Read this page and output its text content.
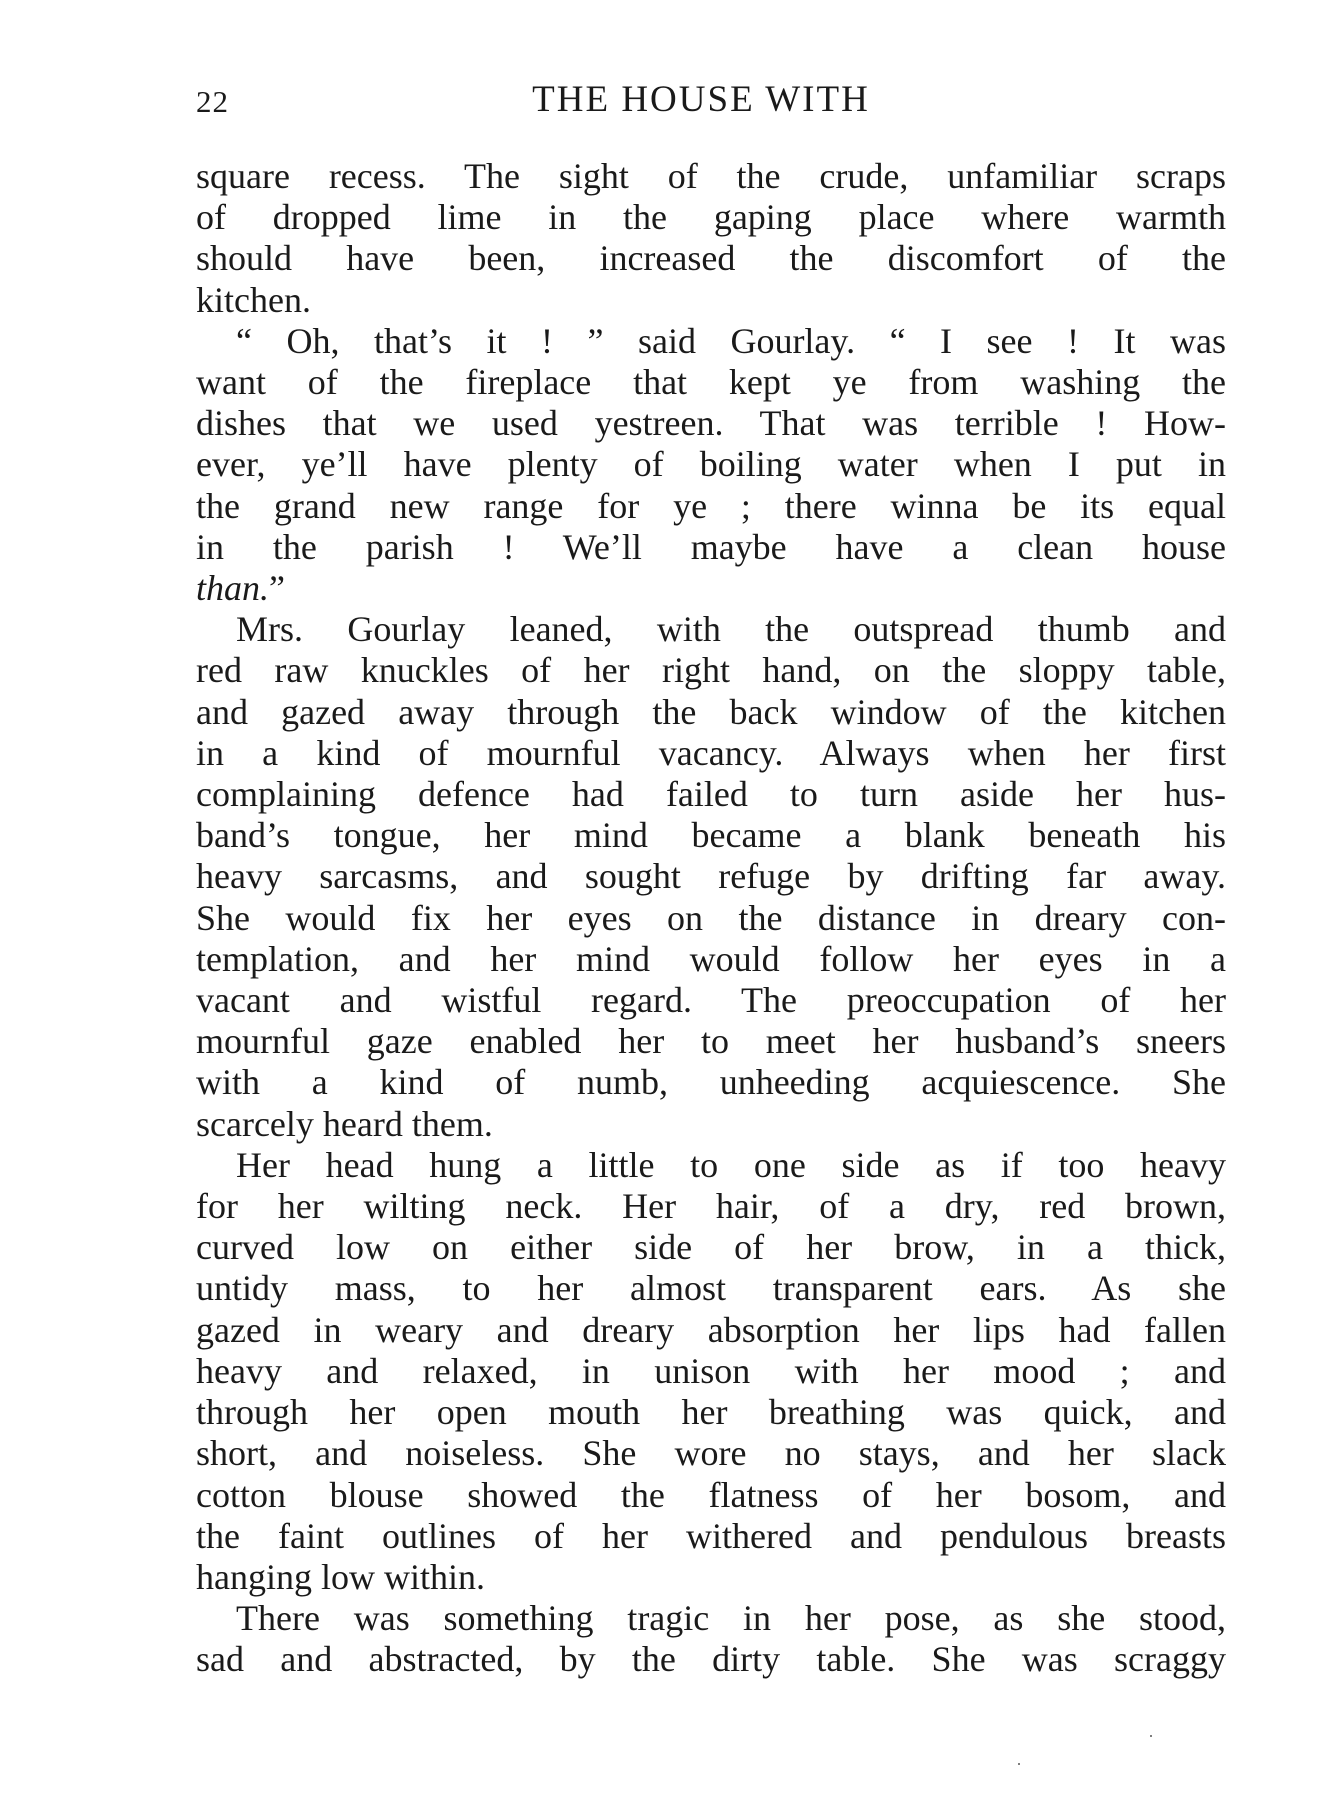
22	THE HOUSE WITH

square recess. The sight of the crude, unfamiliar scraps
of dropped lime in the gaping place where warmth
should have been, increased the discomfort of the
kitchen.

“ Oh, that’s it ! ” said Gourlay. “ I see ! It was
want of the fireplace that kept ye from washing the
dishes that we used yestreen. That was terrible ! How-
ever, ye’ll have plenty of boiling water when I put in
the grand new range for ye ; there winna be its equal
in the parish ! We’ll maybe have a clean house
than.”

Mrs. Gourlay leaned, with the outspread thumb and
red raw knuckles of her right hand, on the sloppy table,
and gazed away through the back window of the kitchen
in a kind of mournful vacancy. Always when her first
complaining defence had failed to turn aside her hus-
band’s tongue, her mind became a blank beneath his
heavy sarcasms, and sought refuge by drifting far away.
She would fix her eyes on the distance in dreary con-
templation, and her mind would follow her eyes in a
vacant and wistful regard. The preoccupation of her
mournful gaze enabled her to meet her husband’s sneers
with a kind of numb, unheeding acquiescence. She
scarcely heard them.

Her head hung a little to one side as if too heavy
for her wilting neck. Her hair, of a dry, red brown,
curved low on either side of her brow, in a thick,
untidy mass, to her almost transparent ears. As she
gazed in weary and dreary absorption her lips had fallen
heavy and relaxed, in unison with her mood ; and
through her open mouth her breathing was quick, and
short, and noiseless. She wore no stays, and her slack
cotton blouse showed the flatness of her bosom, and
the faint outlines of her withered and pendulous breasts
hanging low within.

There was something tragic in her pose, as she stood,
sad and abstracted, by the dirty table. She was scraggy
